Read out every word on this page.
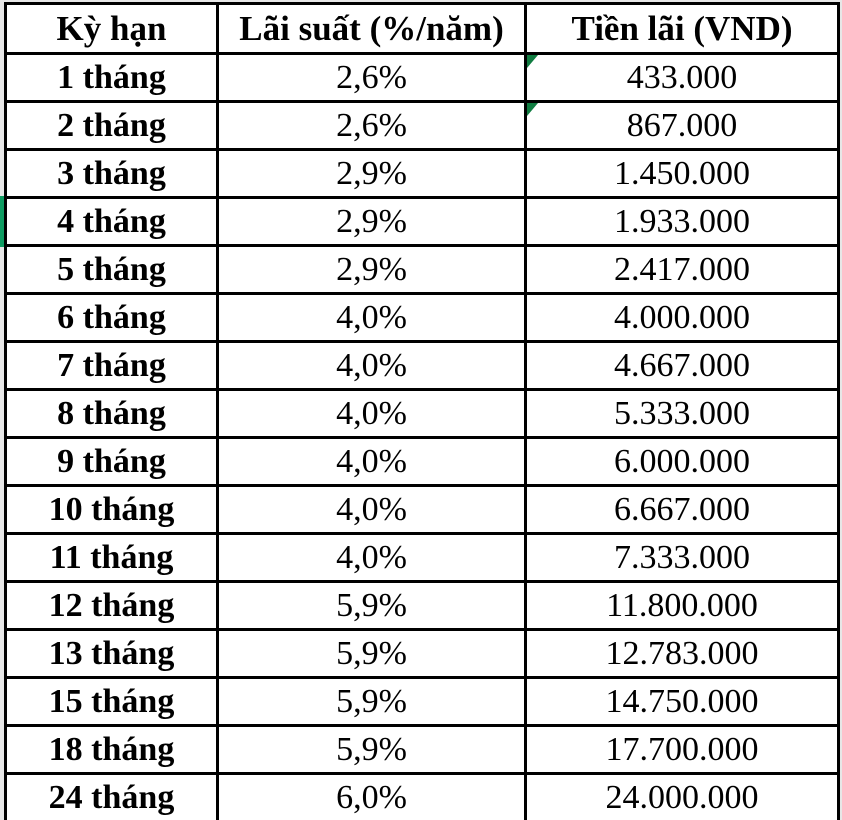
Kỳ hạn	Lãi suất (%/năm)	Tiền lãi (VND)
1 tháng	2,6%	433.000
2 tháng	2,6%	867.000
3 tháng	2,9%	1.450.000

4 tháng	2,9%	1.933.000
5 tháng	2,9%	2.417.000
6 tháng	4,0%	4.000.000
7 tháng	4,0%	4.667.000
8 tháng	4,0%	5.333.000
9 tháng	4,0%	6.000.000
10 tháng	4,0%	6.667.000
11 tháng	4,0%	7.333.000
12 tháng	5,9%	11.800.000
13 tháng	5,9%	12.783.000
15 tháng	5,9%	14.750.000
18 tháng	5,9%	17.700.000
24 tháng	6,0%	24.000.000
